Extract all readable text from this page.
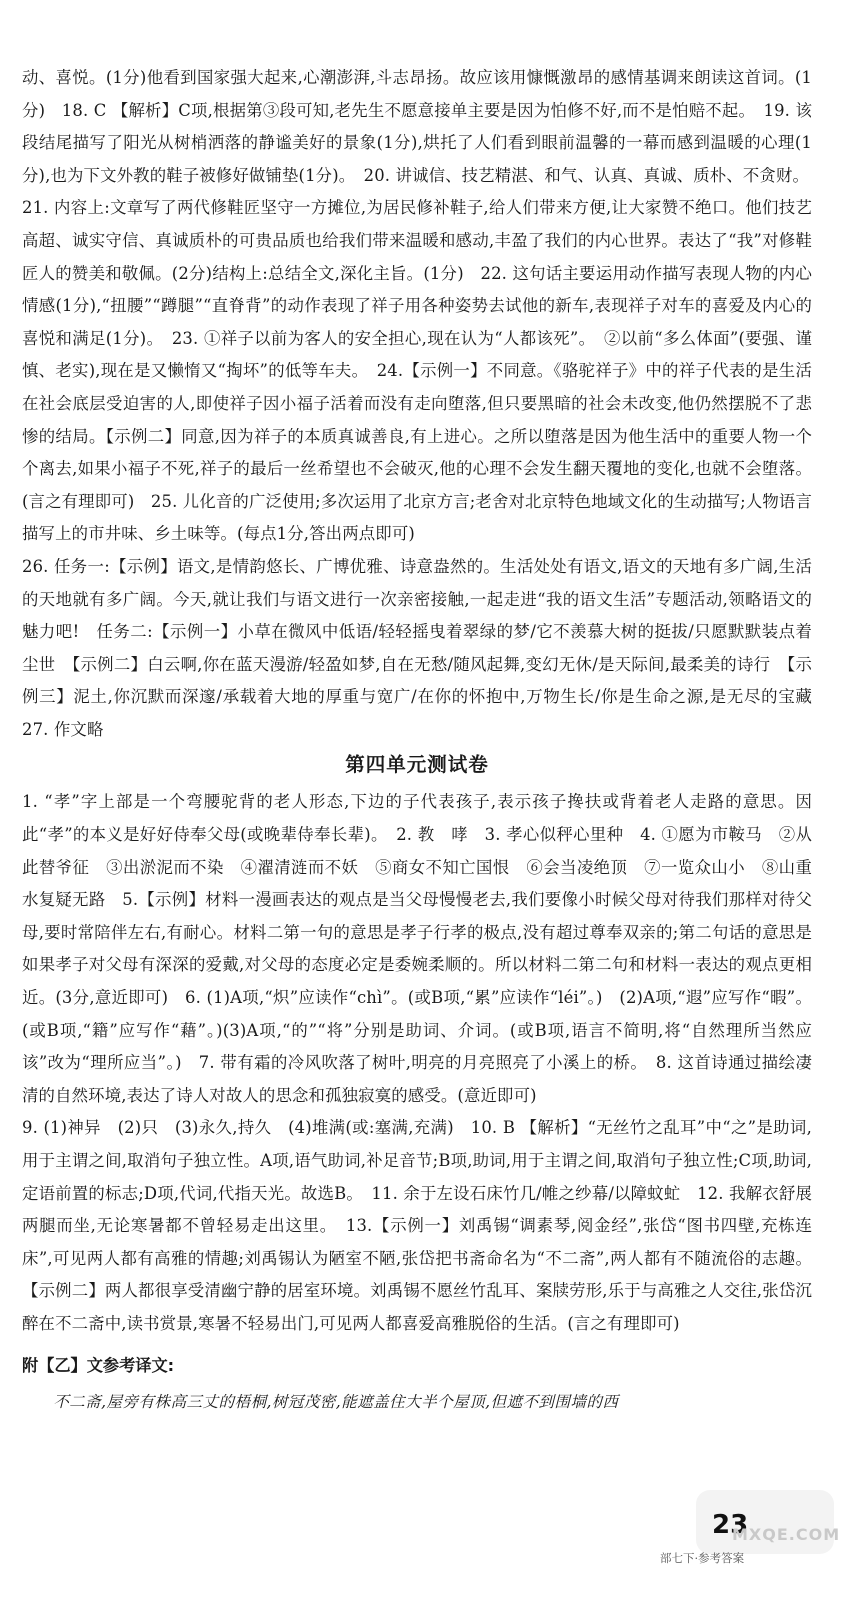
动、喜悦。(1分)他看到国家强大起来,心潮澎湃,斗志昂扬。故应该用慷慨激昂的感情基调来朗读这首词。(1分)　18. C 【解析】C项,根据第③段可知,老先生不愿意接单主要是因为怕修不好,而不是怕赔不起。　19. 该段结尾描写了阳光从树梢洒落的静谧美好的景象(1分),烘托了人们看到眼前温馨的一幕而感到温暖的心理(1分),也为下文外教的鞋子被修好做铺垫(1分)。　20. 讲诚信、技艺精湛、和气、认真、真诚、质朴、不贪财。

21. 内容上:文章写了两代修鞋匠坚守一方摊位,为居民修补鞋子,给人们带来方便,让大家赞不绝口。他们技艺高超、诚实守信、真诚质朴的可贵品质也给我们带来温暖和感动,丰盈了我们的内心世界。表达了“我”对修鞋匠人的赞美和敬佩。(2分)结构上:总结全文,深化主旨。(1分)　22. 这句话主要运用动作描写表现人物的内心情感(1分),“扭腰”“蹲腿”“直脊背”的动作表现了祥子用各种姿势去试他的新车,表现祥子对车的喜爱及内心的喜悦和满足(1分)。　23. ①祥子以前为客人的安全担心,现在认为“人都该死”。　②以前“多么体面”(要强、谨慎、老实),现在是又懒惰又“掏坏”的低等车夫。　24.【示例一】不同意。《骆驼祥子》中的祥子代表的是生活在社会底层受迫害的人,即使祥子因小福子活着而没有走向堕落,但只要黑暗的社会未改变,他仍然摆脱不了悲惨的结局。【示例二】同意,因为祥子的本质真诚善良,有上进心。之所以堕落是因为他生活中的重要人物一个个离去,如果小福子不死,祥子的最后一丝希望也不会破灭,他的心理不会发生翻天覆地的变化,也就不会堕落。(言之有理即可)　25. 儿化音的广泛使用;多次运用了北京方言;老舍对北京特色地域文化的生动描写;人物语言描写上的市井味、乡土味等。(每点1分,答出两点即可)

26. 任务一:【示例】语文,是情韵悠长、广博优雅、诗意盎然的。生活处处有语文,语文的天地有多广阔,生活的天地就有多广阔。今天,就让我们与语文进行一次亲密接触,一起走进“我的语文生活”专题活动,领略语文的魅力吧!　任务二:【示例一】小草在微风中低语/轻轻摇曳着翠绿的梦/它不羡慕大树的挺拔/只愿默默装点着尘世　【示例二】白云啊,你在蓝天漫游/轻盈如梦,自在无愁/随风起舞,变幻无休/是天际间,最柔美的诗行　【示例三】泥土,你沉默而深邃/承载着大地的厚重与宽广/在你的怀抱中,万物生长/你是生命之源,是无尽的宝藏　27. 作文略

第四单元测试卷

1. “孝”字上部是一个弯腰驼背的老人形态,下边的子代表孩子,表示孩子搀扶或背着老人走路的意思。因此“孝”的本义是好好侍奉父母(或晚辈侍奉长辈)。　2. 教　哮　3. 孝心似秤心里种　4. ①愿为市鞍马　②从此替爷征　③出淤泥而不染　④濯清涟而不妖　⑤商女不知亡国恨　⑥会当凌绝顶　⑦一览众山小　⑧山重水复疑无路　5.【示例】材料一漫画表达的观点是当父母慢慢老去,我们要像小时候父母对待我们那样对待父母,要时常陪伴左右,有耐心。材料二第一句的意思是孝子行孝的极点,没有超过尊奉双亲的;第二句话的意思是如果孝子对父母有深深的爱戴,对父母的态度必定是委婉柔顺的。所以材料二第二句和材料一表达的观点更相近。(3分,意近即可)　6. (1)A项,“炽”应读作“chì”。(或B项,“累”应读作“léi”。)　(2)A项,“遐”应写作“暇”。(或B项,“籍”应写作“藉”。)(3)A项,“的”“将”分别是助词、介词。(或B项,语言不简明,将“自然理所当然应该”改为“理所应当”。)　7. 带有霜的冷风吹落了树叶,明亮的月亮照亮了小溪上的桥。　8. 这首诗通过描绘凄清的自然环境,表达了诗人对故人的思念和孤独寂寞的感受。(意近即可)

9. (1)神异　(2)只　(3)永久,持久　(4)堆满(或:塞满,充满)　10. B 【解析】“无丝竹之乱耳”中“之”是助词,用于主谓之间,取消句子独立性。A项,语气助词,补足音节;B项,助词,用于主谓之间,取消句子独立性;C项,助词,定语前置的标志;D项,代词,代指天光。故选B。　11. 余于左设石床竹几/帷之纱幕/以障蚊虻　12. 我解衣舒展两腿而坐,无论寒暑都不曾轻易走出这里。　13.【示例一】刘禹锡“调素琴,阅金经”,张岱“图书四壁,充栋连床”,可见两人都有高雅的情趣;刘禹锡认为陋室不陋,张岱把书斋命名为“不二斋”,两人都有不随流俗的志趣。【示例二】两人都很享受清幽宁静的居室环境。刘禹锡不愿丝竹乱耳、案牍劳形,乐于与高雅之人交往,张岱沉醉在不二斋中,读书赏景,寒暑不轻易出门,可见两人都喜爱高雅脱俗的生活。(言之有理即可)

附【乙】文参考译文:
不二斋,屋旁有株高三丈的梧桐,树冠茂密,能遮盖住大半个屋顶,但遮不到围墙的西
23
MXQE.COM
部七下·参考答案
